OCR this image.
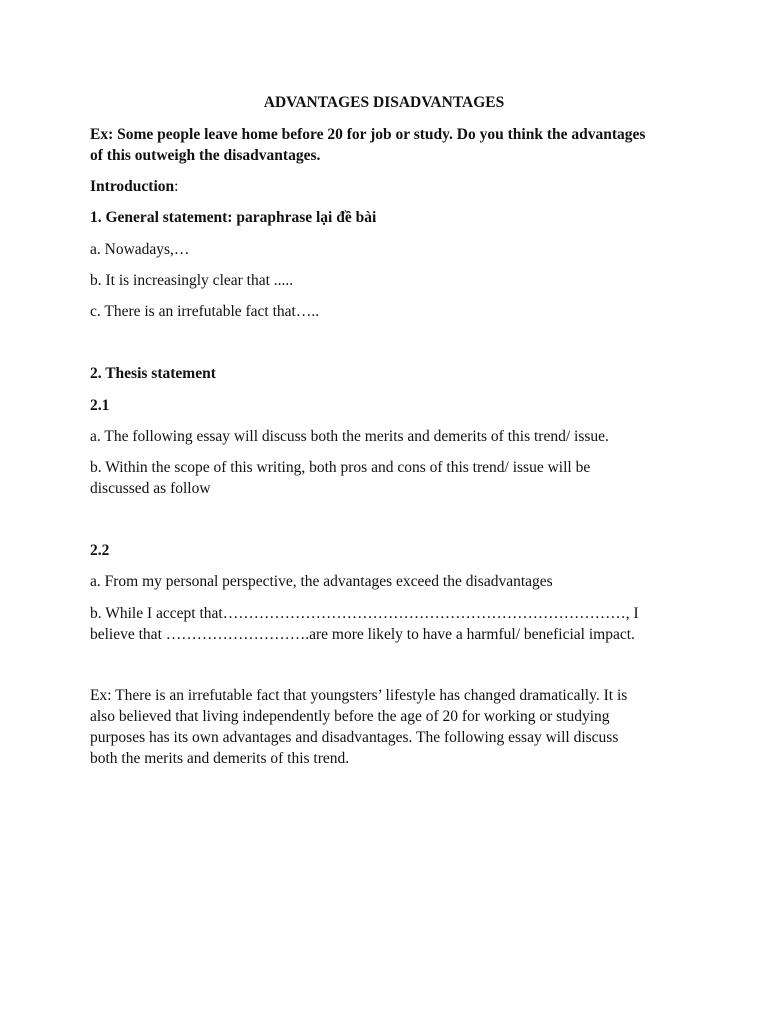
ADVANTAGES DISADVANTAGES
Ex: Some people leave home before 20 for job or study. Do you think the advantages
of this outweigh the disadvantages.
Introduction:
1. General statement: paraphrase lại đề bài
a. Nowadays,…
b. It is increasingly clear that .....
c. There is an irrefutable fact that…..
2. Thesis statement
2.1
a. The following essay will discuss both the merits and demerits of this trend/ issue.
b. Within the scope of this writing, both pros and cons of this trend/ issue will be
discussed as follow
2.2
a. From my personal perspective, the advantages exceed the disadvantages
b. While I accept that……………………………………………………………………, I
believe that ……………………….are more likely to have a harmful/ beneficial impact.
Ex: There is an irrefutable fact that youngsters’ lifestyle has changed dramatically. It is
also believed that living independently before the age of 20 for working or studying
purposes has its own advantages and disadvantages. The following essay will discuss
both the merits and demerits of this trend.
